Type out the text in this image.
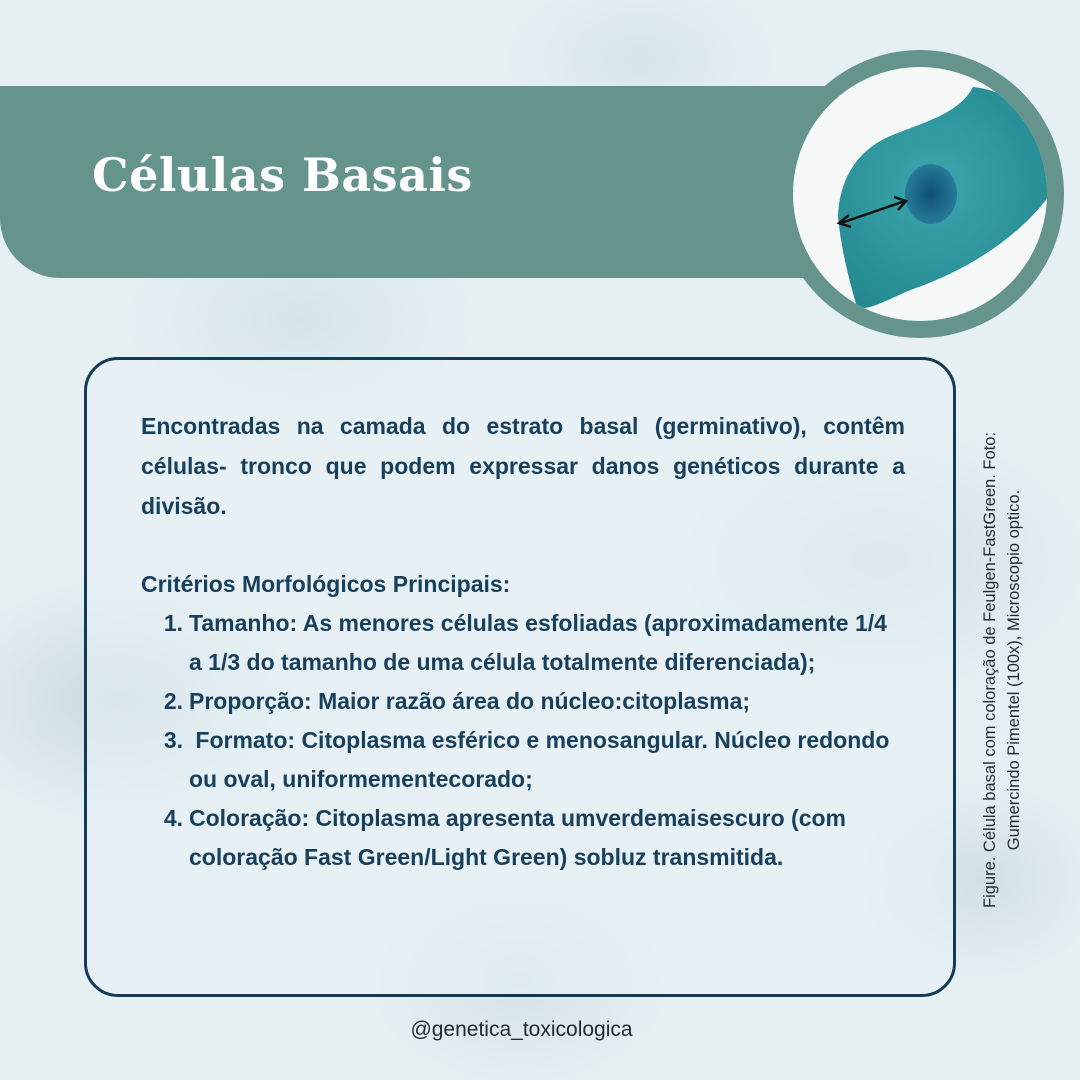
Células Basais

Encontradas na camada do estrato basal (germinativo), contêm células- tronco que podem expressar danos genéticos durante a divisão.

Critérios Morfológicos Principais:

1. Tamanho: As menores células esfoliadas (aproximadamente 1/4 a 1/3 do tamanho de uma célula totalmente diferenciada);
2. Proporção: Maior razão área do núcleo:citoplasma;
3. Formato: Citoplasma esférico e menosangular. Núcleo redondo ou oval, uniformementecorado;
4. Coloração: Citoplasma apresenta umverdemaisescuro (com coloração Fast Green/Light Green) sobluz transmitida.	Figure. Célula basal com coloração de Feulgen-FastGreen. Foto: Gumercindo Pimentel (100x), Microscopio optico.

@genetica_toxicologica
